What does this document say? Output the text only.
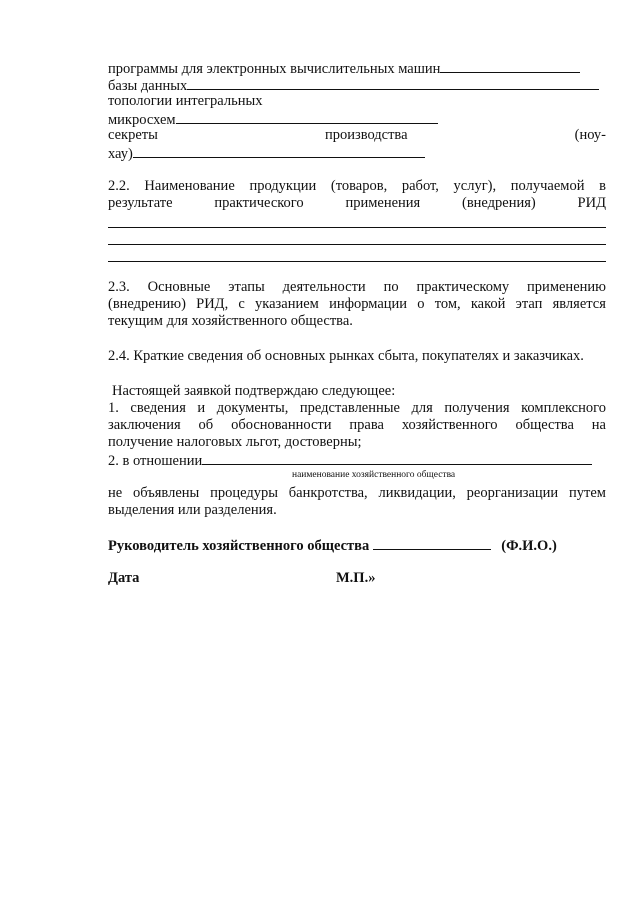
программы для электронных вычислительных машин
базы данных
топологии интегральных
микросхем
секреты	производства	(ноу-
хау)
2.2. Наименование продукции (товаров, работ, услуг), получаемой в
результате	практического	применения	(внедрения)	РИД
2.3. Основные этапы деятельности по практическому применению
(внедрению) РИД, с указанием информации о том, какой этап является
текущим для хозяйственного общества.
2.4. Краткие сведения об основных рынках сбыта, покупателях и заказчиках.
Настоящей заявкой подтверждаю следующее:
1. сведения и документы, представленные для получения комплексного
заключения об обоснованности права хозяйственного общества на
получение налоговых льгот, достоверны;
2. в отношении
наименование хозяйственного общества
не объявлены процедуры банкротства, ликвидации, реорганизации путем
выделения или разделения.
Руководитель хозяйственного общества	(Ф.И.О.)
Дата	М.П.»
